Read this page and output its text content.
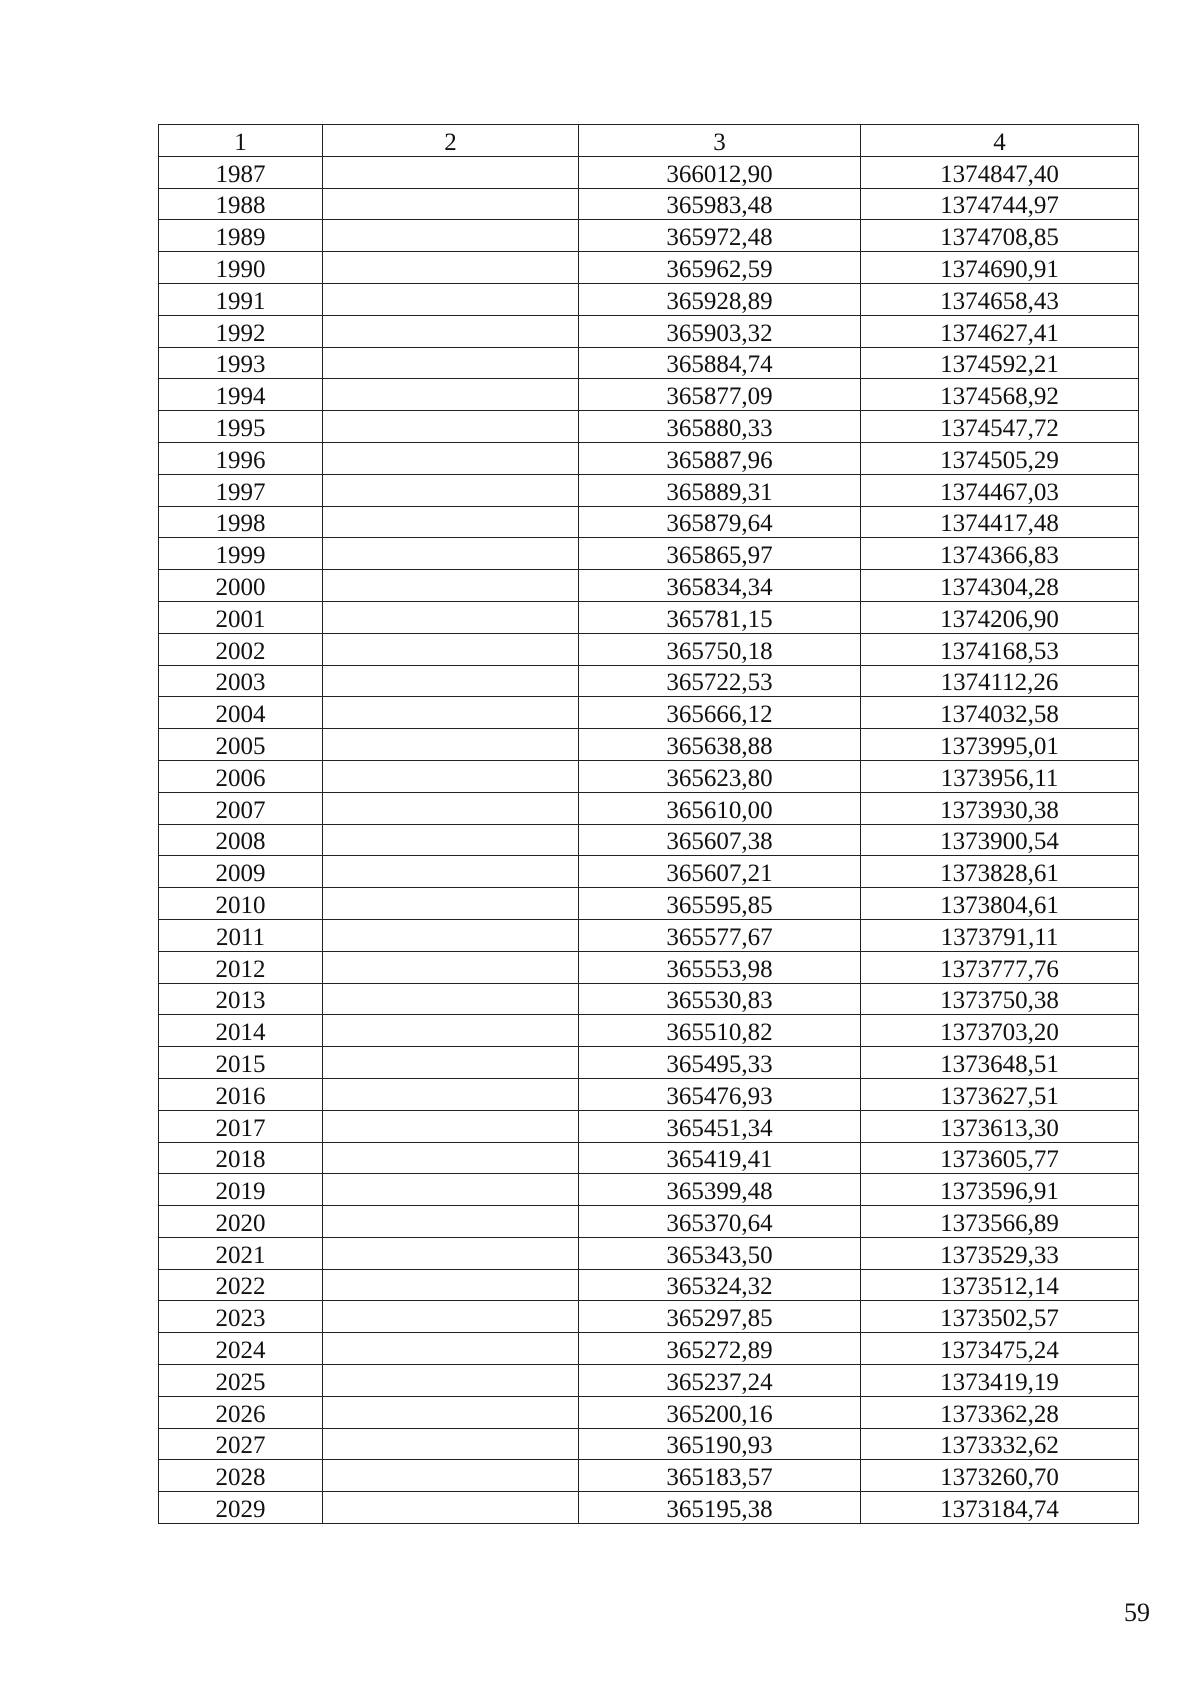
1	2	3	4
1987		366012,90	1374847,40
1988		365983,48	1374744,97
1989		365972,48	1374708,85
1990		365962,59	1374690,91
1991		365928,89	1374658,43
1992		365903,32	1374627,41
1993		365884,74	1374592,21
1994		365877,09	1374568,92
1995		365880,33	1374547,72
1996		365887,96	1374505,29
1997		365889,31	1374467,03
1998		365879,64	1374417,48
1999		365865,97	1374366,83
2000		365834,34	1374304,28
2001		365781,15	1374206,90
2002		365750,18	1374168,53
2003		365722,53	1374112,26
2004		365666,12	1374032,58
2005		365638,88	1373995,01
2006		365623,80	1373956,11
2007		365610,00	1373930,38
2008		365607,38	1373900,54
2009		365607,21	1373828,61
2010		365595,85	1373804,61
2011		365577,67	1373791,11
2012		365553,98	1373777,76
2013		365530,83	1373750,38
2014		365510,82	1373703,20
2015		365495,33	1373648,51
2016		365476,93	1373627,51
2017		365451,34	1373613,30
2018		365419,41	1373605,77
2019		365399,48	1373596,91
2020		365370,64	1373566,89
2021		365343,50	1373529,33
2022		365324,32	1373512,14
2023		365297,85	1373502,57
2024		365272,89	1373475,24
2025		365237,24	1373419,19
2026		365200,16	1373362,28
2027		365190,93	1373332,62
2028		365183,57	1373260,70
2029		365195,38	1373184,74
59
